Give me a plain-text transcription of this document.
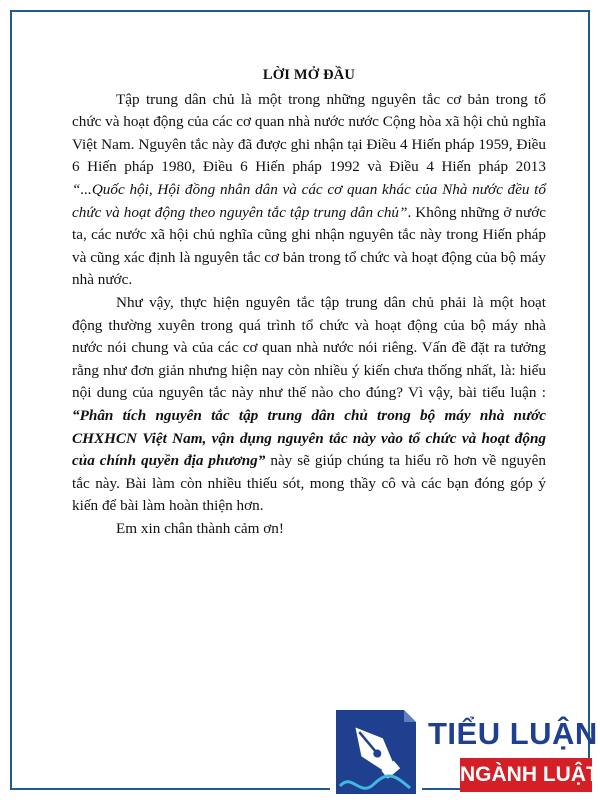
LỜI MỞ ĐẦU

Tập trung dân chủ là một trong những nguyên tắc cơ bản trong tổ chức và hoạt động của các cơ quan nhà nước nước Cộng hòa xã hội chủ nghĩa Việt Nam. Nguyên tắc này đã được ghi nhận tại Điều 4 Hiến pháp 1959, Điều 6 Hiến pháp 1980, Điều 6 Hiến pháp 1992 và Điều 4 Hiến pháp 2013 “...Quốc hội, Hội đồng nhân dân và các cơ quan khác của Nhà nước đều tổ chức và hoạt động theo nguyên tắc tập trung dân chủ”. Không những ở nước ta, các nước xã hội chủ nghĩa cũng ghi nhận nguyên tắc này trong Hiến pháp và cũng xác định là nguyên tắc cơ bản trong tổ chức và hoạt động của bộ máy nhà nước.

Như vậy, thực hiện nguyên tắc tập trung dân chủ phải là một hoạt động thường xuyên trong quá trình tổ chức và hoạt động của bộ máy nhà nước nói chung và của các cơ quan nhà nước nói riêng. Vấn đề đặt ra tưởng rằng như đơn giản nhưng hiện nay còn nhiều ý kiến chưa thống nhất, là: hiểu nội dung của nguyên tắc này như thế nào cho đúng? Vì vậy, bài tiểu luận : “Phân tích nguyên tắc tập trung dân chủ trong bộ máy nhà nước CHXHCN Việt Nam, vận dụng nguyên tắc này vào tổ chức và hoạt động của chính quyền địa phương” này sẽ giúp chúng ta hiểu rõ hơn về nguyên tắc này. Bài làm còn nhiều thiếu sót, mong thầy cô và các bạn đóng góp ý kiến để bài làm hoàn thiện hơn.

Em xin chân thành cảm ơn!

TIỂU LUẬN
NGÀNH LUẬT
